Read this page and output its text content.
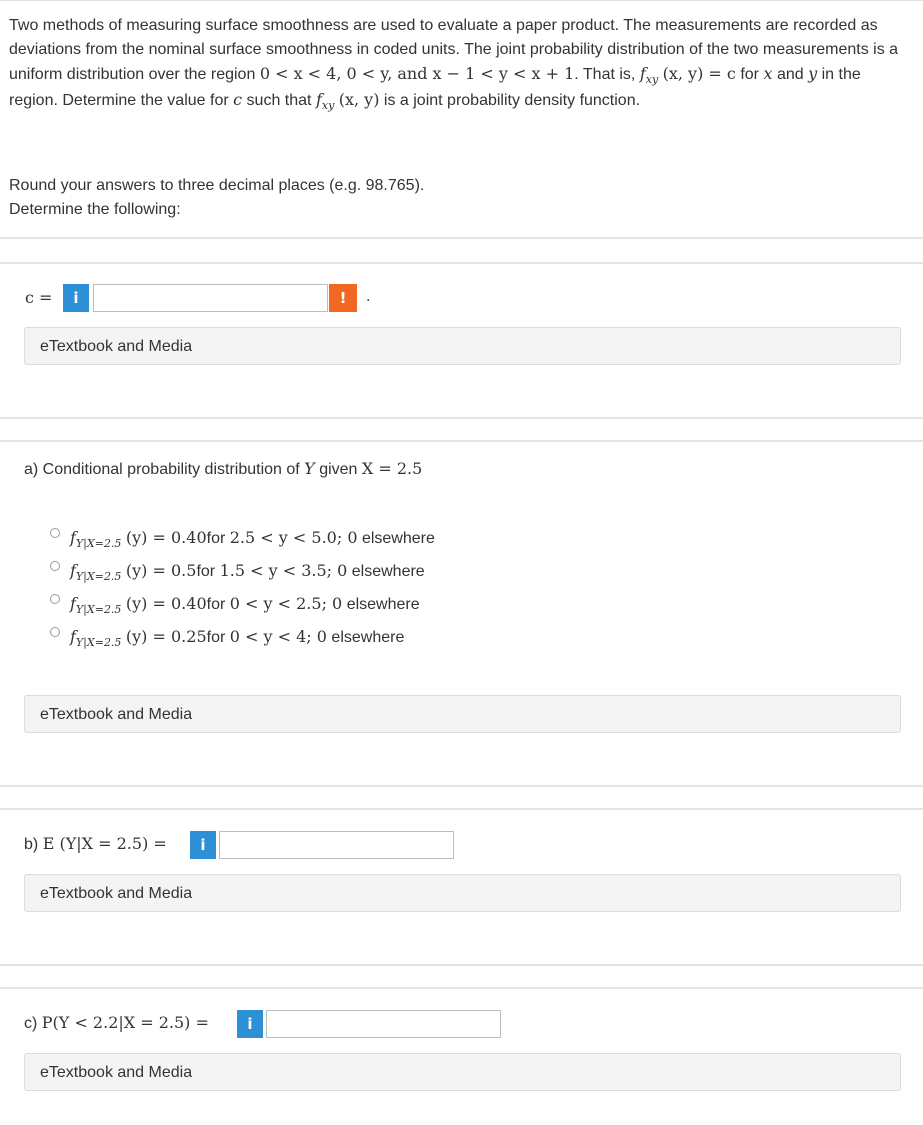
Two methods of measuring surface smoothness are used to evaluate a paper product. The measurements are recorded as deviations from the nominal surface smoothness in coded units. The joint probability distribution of the two measurements is a uniform distribution over the region 0 < x < 4, 0 < y, and x − 1 < y < x + 1. That is, $f_{xy}$ (x, y) = c for x and y in the region. Determine the value for c such that $f_{xy}$ (x, y) is a joint probability density function.

Round your answers to three decimal places (e.g. 98.765).

Determine the following:

c =	i	!	.
eTextbook and Media
a) Conditional probability distribution of Y given X = 2.5
$f_{Y|X=2.5}$ (y) = 0.40for 2.5 < y < 5.0; 0 elsewhere
$f_{Y|X=2.5}$ (y) = 0.5for 1.5 < y < 3.5; 0 elsewhere
$f_{Y|X=2.5}$ (y) = 0.40for 0 < y < 2.5; 0 elsewhere
$f_{Y|X=2.5}$ (y) = 0.25for 0 < y < 4; 0 elsewhere
eTextbook and Media
b) E (Y|X = 2.5) =	i
eTextbook and Media
c) P(Y < 2.2|X = 2.5) =	i
eTextbook and Media
